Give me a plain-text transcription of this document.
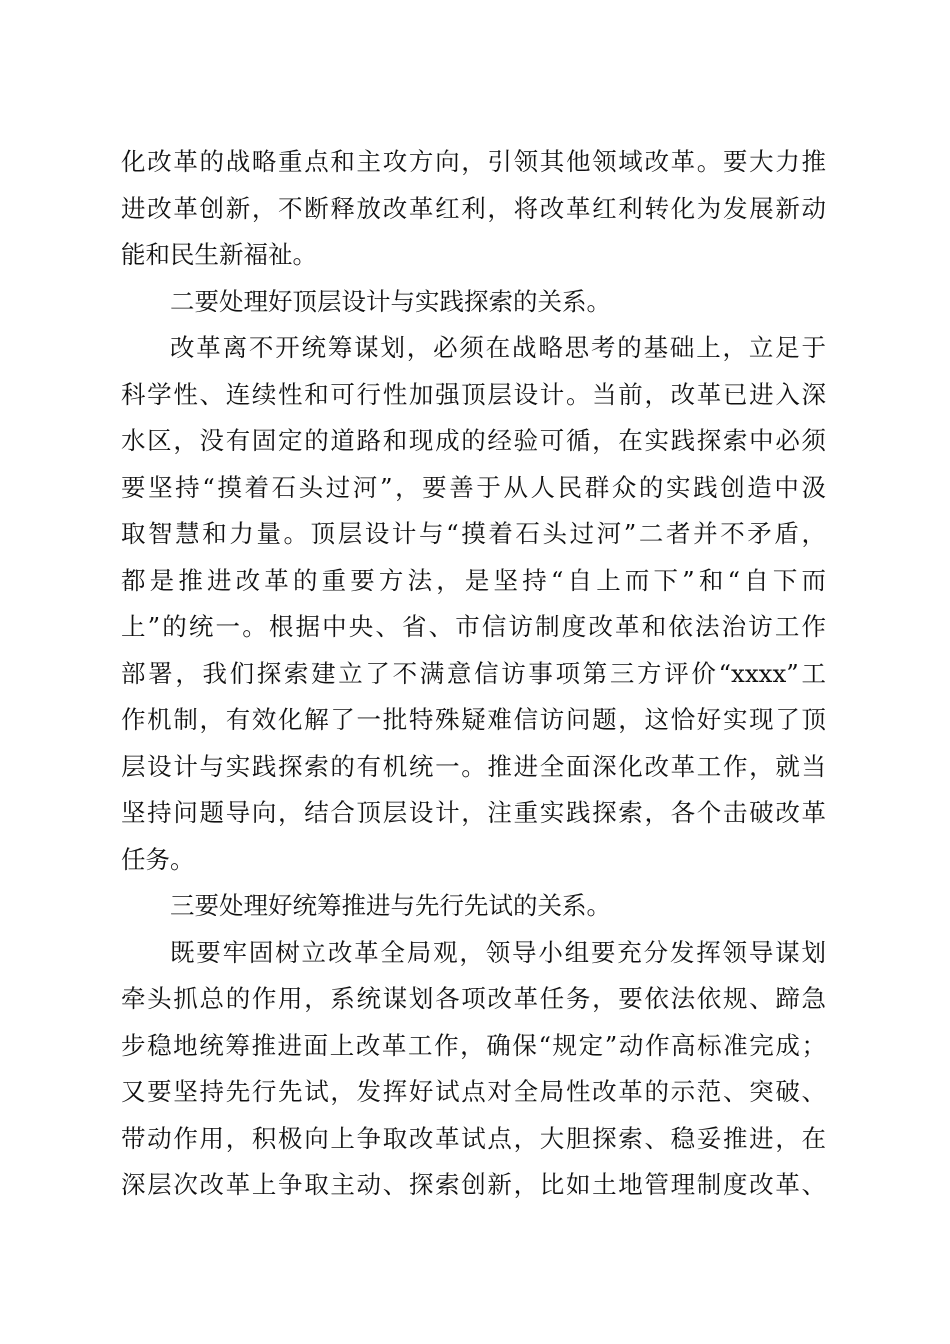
化改革的战略重点和主攻方向，引领其他领域改革。要大力推
进改革创新，不断释放改革红利，将改革红利转化为发展新动
能和民生新福祉。
二要处理好顶层设计与实践探索的关系。
改革离不开统筹谋划，必须在战略思考的基础上，立足于
科学性、连续性和可行性加强顶层设计。当前，改革已进入深
水区，没有固定的道路和现成的经验可循，在实践探索中必须
要坚持“摸着石头过河”，要善于从人民群众的实践创造中汲
取智慧和力量。顶层设计与“摸着石头过河”二者并不矛盾，
都是推进改革的重要方法，是坚持“自上而下”和“自下而
上”的统一。根据中央、省、市信访制度改革和依法治访工作
部署，我们探索建立了不满意信访事项第三方评价“xxxx”工
作机制，有效化解了一批特殊疑难信访问题，这恰好实现了顶
层设计与实践探索的有机统一。推进全面深化改革工作，就当
坚持问题导向，结合顶层设计，注重实践探索，各个击破改革
任务。
三要处理好统筹推进与先行先试的关系。
既要牢固树立改革全局观，领导小组要充分发挥领导谋划
牵头抓总的作用，系统谋划各项改革任务，要依法依规、蹄急
步稳地统筹推进面上改革工作，确保“规定”动作高标准完成；
又要坚持先行先试，发挥好试点对全局性改革的示范、突破、
带动作用，积极向上争取改革试点，大胆探索、稳妥推进，在
深层次改革上争取主动、探索创新，比如土地管理制度改革、
